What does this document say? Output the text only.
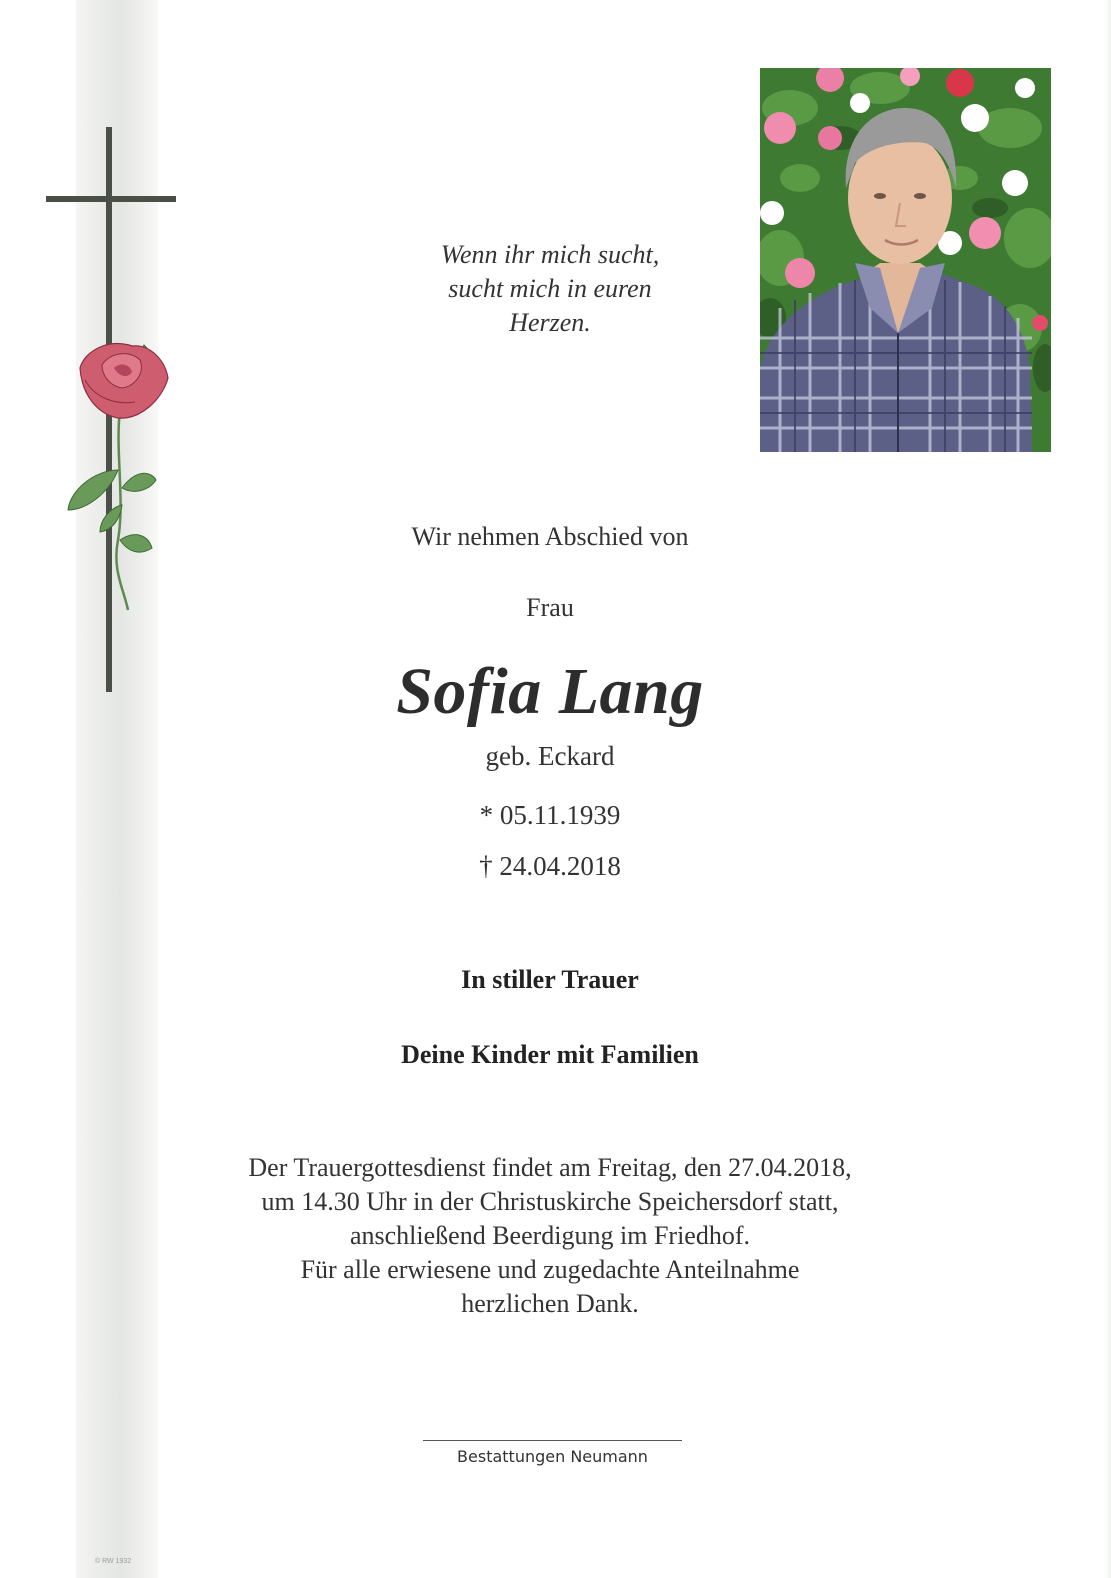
© RW 1932
Wenn ihr mich sucht,
sucht mich in euren
Herzen.
Wir nehmen Abschied von
Frau
Sofia Lang
geb. Eckard
* 05.11.1939
† 24.04.2018
In stiller Trauer
Deine Kinder mit Familien
Der Trauergottesdienst findet am Freitag, den 27.04.2018,
um 14.30 Uhr in der Christuskirche Speichersdorf statt,
anschließend Beerdigung im Friedhof.
Für alle erwiesene und zugedachte Anteilnahme
herzlichen Dank.
Bestattungen Neumann
